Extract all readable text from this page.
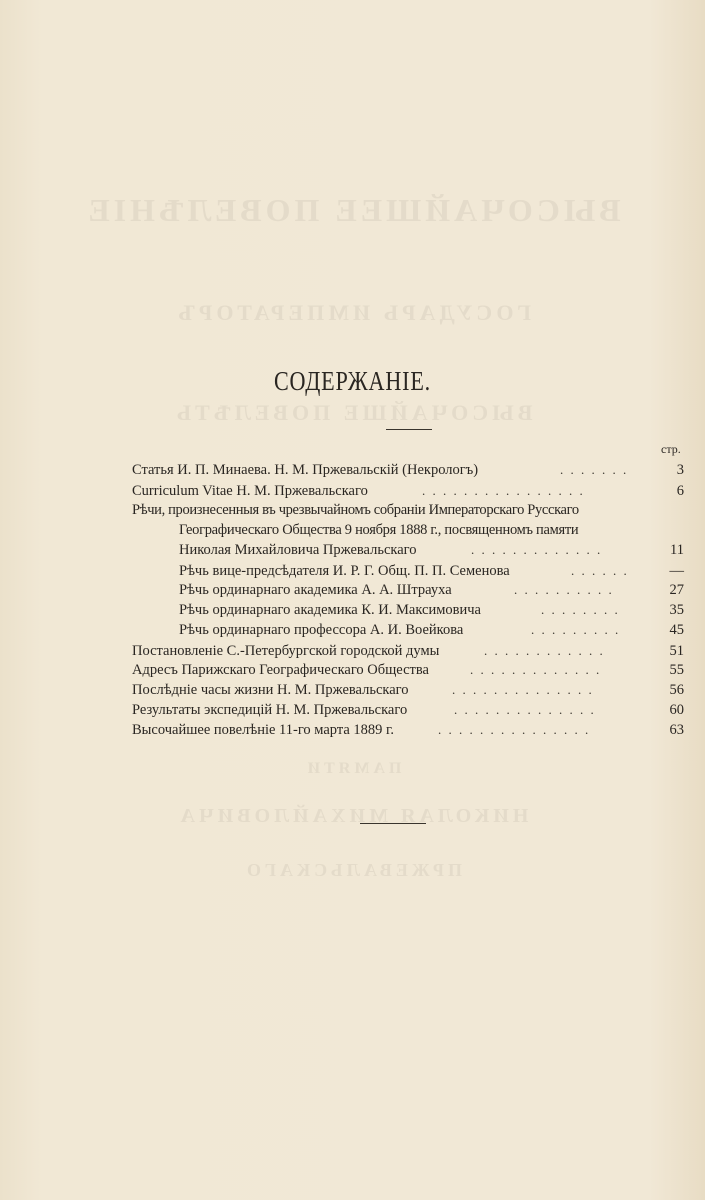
ВЫСОЧАЙШЕЕ ПОВЕЛѢНІЕ
ГОСУДАРЬ ИМПЕРАТОРЪ
ВЫСОЧАЙШЕ ПОВЕЛѢТЬ
ПАМЯТИ
НИКОЛАЯ МИХАЙЛОВИЧА
ПРЖЕВАЛЬСКАГО
СОДЕРЖАНІЕ.
стр.
Статья И. П. Минаева. Н. М. Пржевальскій (Некрологъ)	. . . . . . .	3
Curriculum Vitae Н. М. Пржевальскаго	. . . . . . . . . . . . . . . .	6
Рѣчи, произнесенныя въ чрезвычайномъ собраніи Императорскаго Русскаго
Географическаго Общества 9 ноября 1888 г., посвященномъ памяти
Николая Михайловича Пржевальскаго	. . . . . . . . . . . . .	11
Рѣчь вице-предсѣдателя И. Р. Г. Общ. П. П. Семенова	. . . . . .	—
Рѣчь ординарнаго академика А. А. Штрауха	. . . . . . . . . .	27
Рѣчь ординарнаго академика К. И. Максимовича	. . . . . . . .	35
Рѣчь ординарнаго профессора А. И. Воейкова	. . . . . . . . .	45
Постановленіе С.-Петербургской городской думы	. . . . . . . . . . . .	51
Адресъ Парижскаго Географическаго Общества	. . . . . . . . . . . . .	55
Послѣдніе часы жизни Н. М. Пржевальскаго	. . . . . . . . . . . . . .	56
Результаты экспедицій Н. М. Пржевальскаго	. . . . . . . . . . . . . .	60
Высочайшее повелѣніе 11-го марта 1889 г.	. . . . . . . . . . . . . . .	63
